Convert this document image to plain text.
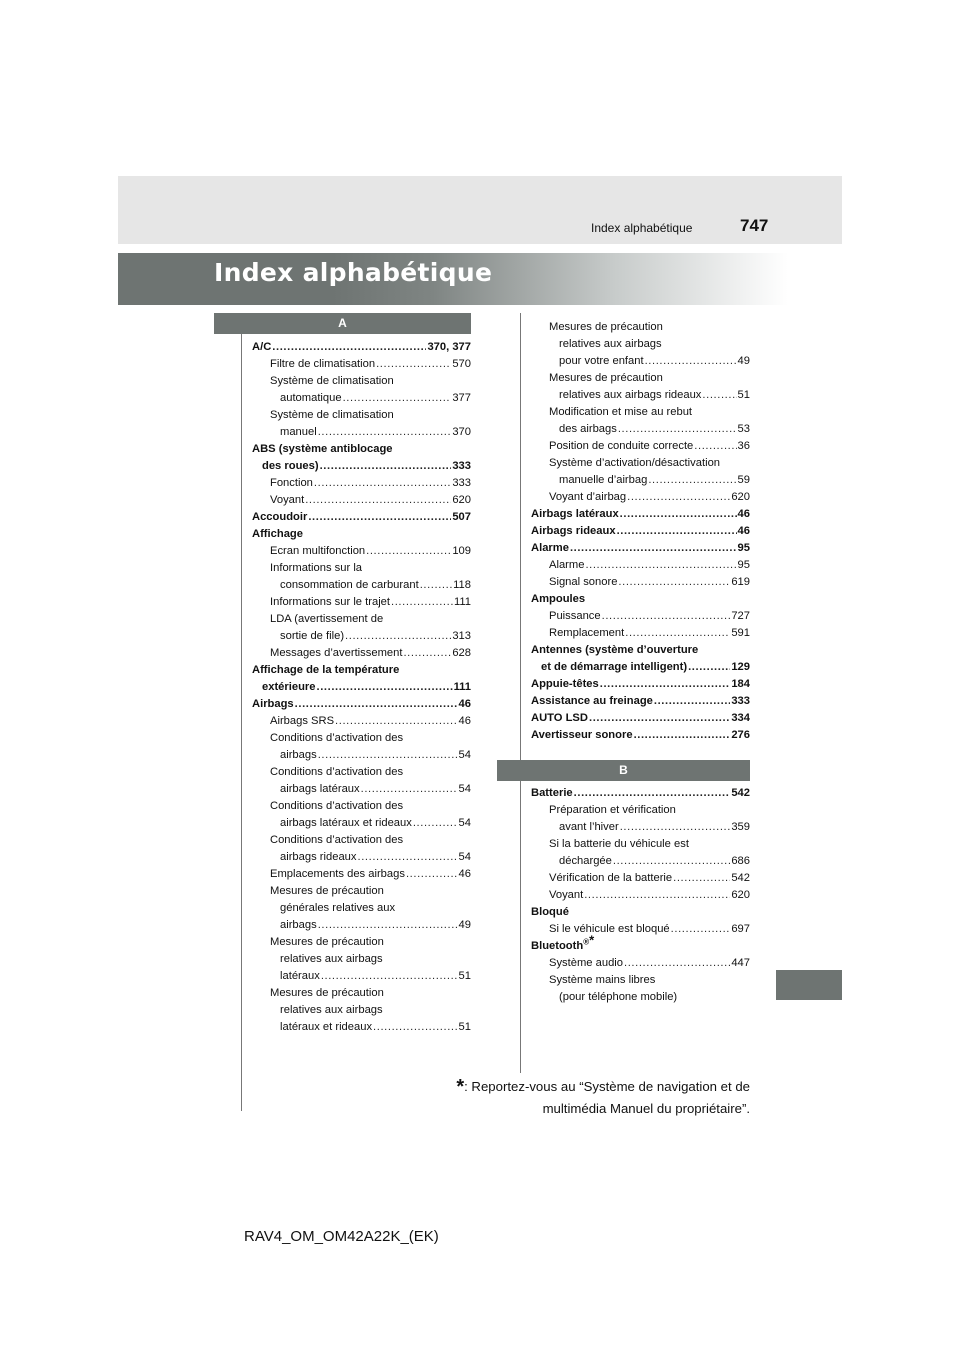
747
Index alphabétique
Index alphabétique
A
B
A/C .....	370, 377
Filtre de climatisation .....	570
Système de climatisation
automatique .....	377
Système de climatisation
manuel .....	370
ABS (système antiblocage
des roues) .....	333
Fonction .....	333
Voyant .....	620
Accoudoir .....	507
Affichage
Ecran multifonction .....	109
Informations sur la
consommation de carburant .....	118
Informations sur le trajet .....	111
LDA (avertissement de
sortie de file) .....	313
Messages d’avertissement .....	628
Affichage de la température
extérieure .....	111
Airbags .....	46
Airbags SRS .....	46
Conditions d’activation des
airbags .....	54
Conditions d’activation des
airbags latéraux .....	54
Conditions d’activation des
airbags latéraux et rideaux .....	54
Conditions d’activation des
airbags rideaux .....	54
Emplacements des airbags .....	46
Mesures de précaution
générales relatives aux
airbags .....	49
Mesures de précaution
relatives aux airbags
latéraux .....	51
Mesures de précaution
relatives aux airbags
latéraux et rideaux .....	51
Mesures de précaution
relatives aux airbags
pour votre enfant .....	49
Mesures de précaution
relatives aux airbags rideaux .....	51
Modification et mise au rebut
des airbags .....	53
Position de conduite correcte .....	36
Système d’activation/désactivation
manuelle d’airbag .....	59
Voyant d’airbag .....	620
Airbags latéraux .....	46
Airbags rideaux .....	46
Alarme .....	95
Alarme .....	95
Signal sonore .....	619
Ampoules
Puissance .....	727
Remplacement .....	591
Antennes (système d’ouverture
et de démarrage intelligent) .....	129
Appuie-têtes .....	184
Assistance au freinage .....	333
AUTO LSD .....	334
Avertisseur sonore .....	276
Batterie .....	542
Préparation et vérification
avant l’hiver .....	359
Si la batterie du véhicule est
déchargée .....	686
Vérification de la batterie .....	542
Voyant .....	620
Bloqué
Si le véhicule est bloqué .....	697
Bluetooth®*
Système audio .....	447
Système mains libres
(pour téléphone mobile)
*: Reportez-vous au “Système de navigation et de
multimédia Manuel du propriétaire”.
RAV4_OM_OM42A22K_(EK)
